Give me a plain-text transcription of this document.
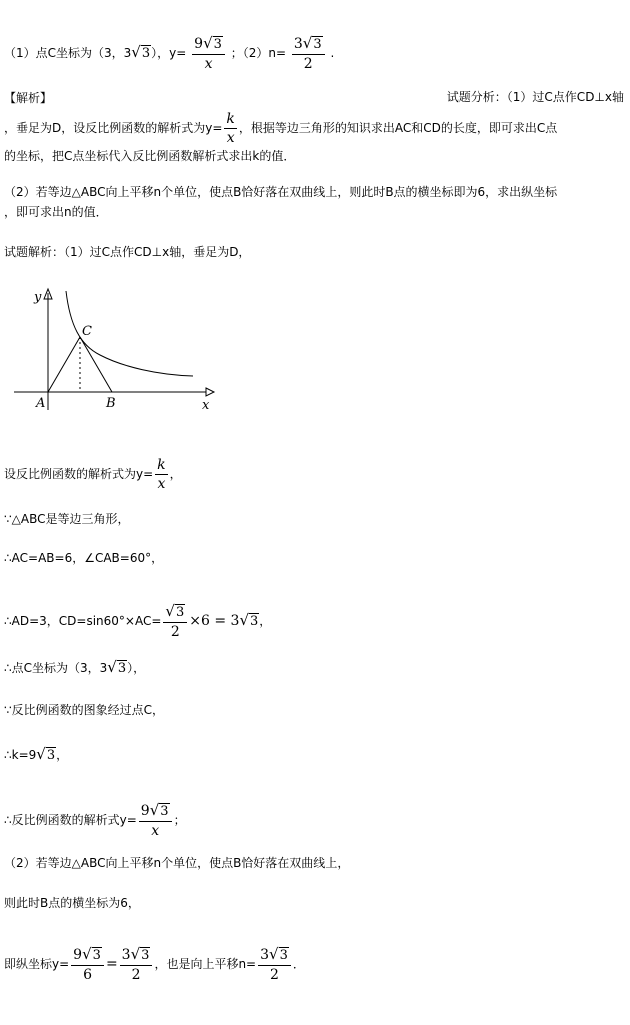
（1）点C坐标为（3，3√3），$y= \frac{9√3}{x}$ ；$(2)n= \frac{3√3}{2}$ .
【解析】	试题分析：（1）过C点作CD⊥x轴
，垂足为D，设反比例函数的解析式为$y= \frac{k}{x}$ ，根据等边三角形的知识求出AC和CD的长度，即可求出C点
的坐标，把C点坐标代入反比例函数解析式求出k的值．
（2）若等边△ABC向上平移n个单位，使点B恰好落在双曲线上，则此时B点的横坐标即为6，求出纵坐标
，即可求出n的值．
试题解析：（1）过C点作CD⊥x轴，垂足为D，
y
x
A	B
C
设反比例函数的解析式为$y= \frac{k}{x}$ ，
∵△ABC是等边三角形，
∴AC=AB=6，∠CAB=60°，
∴AD=3，$CD=\sin 60^\circ\times AC= \frac{√3}{2} \times 6 = 3√3$，
∴点C坐标为（3，3√3），
∵反比例函数的图象经过点C，
∴k=9√3，
∴反比例函数的解析式$y= \frac{9√3}{x}$ ；
（2）若等边△ABC向上平移n个单位，使点B恰好落在双曲线上，
则此时B点的横坐标为6，
即纵坐标$y= \frac{9√3}{6} = \frac{3√3}{2}$ ，也是向上平移$n= \frac{3√3}{2}$ ．
